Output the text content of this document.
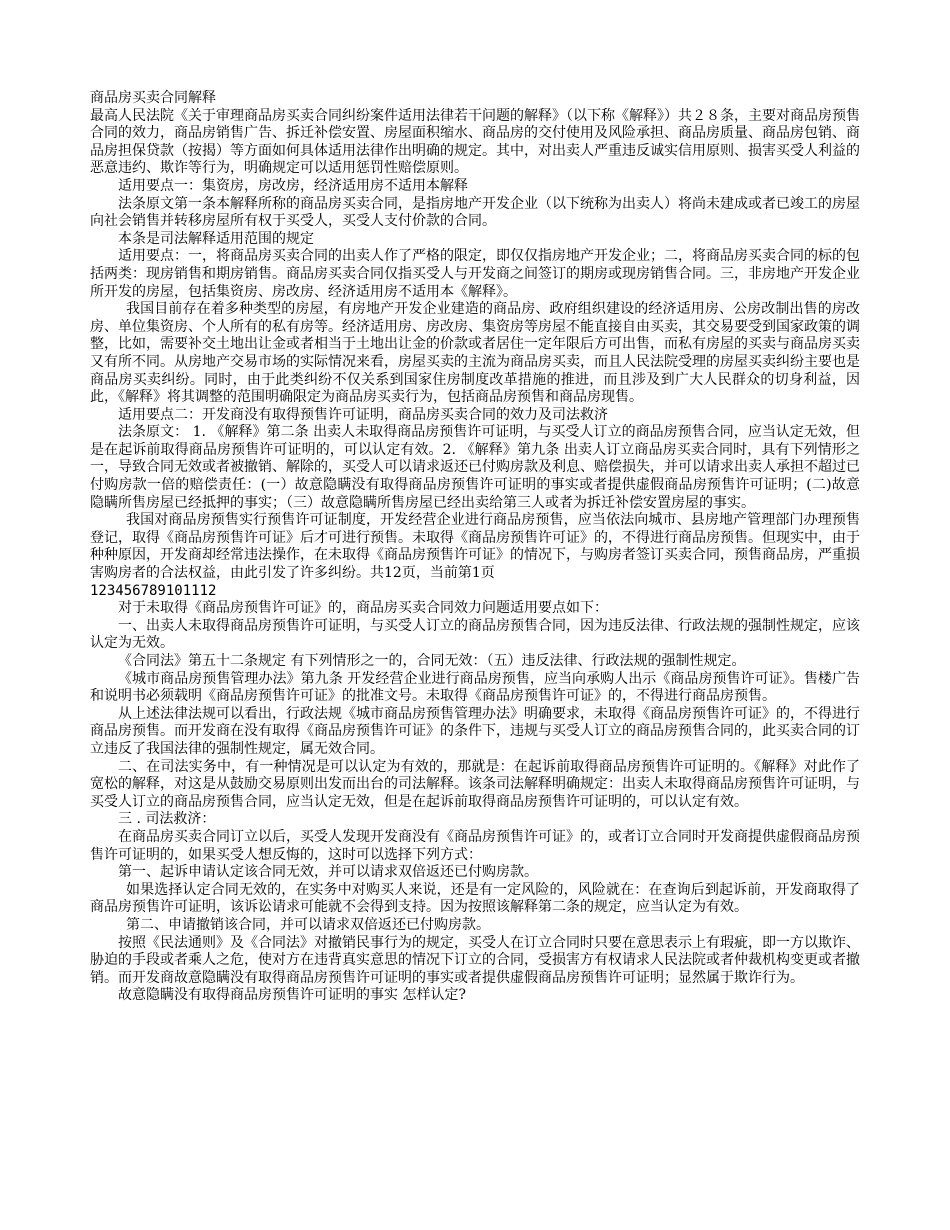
商品房买卖合同解释

最高人民法院《关于审理商品房买卖合同纠纷案件适用法律若干问题的解释》（以下称《解释》）共２８条，主要对商品房预售合同的效力，商品房销售广告、拆迁补偿安置、房屋面积缩水、商品房的交付使用及风险承担、商品房质量、商品房包销、商品房担保贷款（按揭）等方面如何具体适用法律作出明确的规定。其中，对出卖人严重违反诚实信用原则、损害买受人利益的恶意违约、欺诈等行为，明确规定可以适用惩罚性赔偿原则。

适用要点一：集资房，房改房，经济适用房不适用本解释

法条原文第一条本解释所称的商品房买卖合同，是指房地产开发企业（以下统称为出卖人）将尚未建成或者已竣工的房屋向社会销售并转移房屋所有权于买受人，买受人支付价款的合同。

本条是司法解释适用范围的规定

适用要点：一，将商品房买卖合同的出卖人作了严格的限定，即仅仅指房地产开发企业；二，将商品房买卖合同的标的包括两类：现房销售和期房销售。商品房买卖合同仅指买受人与开发商之间签订的期房或现房销售合同。三，非房地产开发企业所开发的房屋，包括集资房、房改房、经济适用房不适用本《解释》。

我国目前存在着多种类型的房屋，有房地产开发企业建造的商品房、政府组织建设的经济适用房、公房改制出售的房改房、单位集资房、个人所有的私有房等。经济适用房、房改房、集资房等房屋不能直接自由买卖，其交易要受到国家政策的调整，比如，需要补交土地出让金或者相当于土地出让金的价款或者居住一定年限后方可出售，而私有房屋的买卖与商品房买卖又有所不同。从房地产交易市场的实际情况来看，房屋买卖的主流为商品房买卖，而且人民法院受理的房屋买卖纠纷主要也是商品房买卖纠纷。同时，由于此类纠纷不仅关系到国家住房制度改革措施的推进，而且涉及到广大人民群众的切身利益，因此，《解释》将其调整的范围明确限定为商品房买卖行为，包括商品房预售和商品房现售。

适用要点二：开发商没有取得预售许可证明，商品房买卖合同的效力及司法救济

法条原文： 1. 《解释》第二条 出卖人未取得商品房预售许可证明，与买受人订立的商品房预售合同，应当认定无效，但是在起诉前取得商品房预售许可证明的，可以认定有效。2. 《解释》第九条 出卖人订立商品房买卖合同时，具有下列情形之一，导致合同无效或者被撤销、解除的，买受人可以请求返还已付购房款及利息、赔偿损失，并可以请求出卖人承担不超过已付购房款一倍的赔偿责任：(一）故意隐瞒没有取得商品房预售许可证明的事实或者提供虚假商品房预售许可证明；(二)故意隐瞒所售房屋已经抵押的事实；（三）故意隐瞒所售房屋已经出卖给第三人或者为拆迁补偿安置房屋的事实。

我国对商品房预售实行预售许可证制度，开发经营企业进行商品房预售，应当依法向城市、县房地产管理部门办理预售登记，取得《商品房预售许可证》后才可进行预售。未取得《商品房预售许可证》的，不得进行商品房预售。但现实中，由于种种原因，开发商却经常违法操作，在未取得《商品房预售许可证》的情况下，与购房者签订买卖合同，预售商品房，严重损害购房者的合法权益，由此引发了许多纠纷。共12页，当前第1页

123456789101112

对于未取得《商品房预售许可证》的，商品房买卖合同效力问题适用要点如下：

一、出卖人未取得商品房预售许可证明，与买受人订立的商品房预售合同，因为违反法律、行政法规的强制性规定，应该认定为无效。

《合同法》第五十二条规定 有下列情形之一的，合同无效：（五）违反法律、行政法规的强制性规定。

《城市商品房预售管理办法》第九条 开发经营企业进行商品房预售，应当向承购人出示《商品房预售许可证》。售楼广告和说明书必须载明《商品房预售许可证》的批准文号。未取得《商品房预售许可证》的，不得进行商品房预售。

从上述法律法规可以看出，行政法规《城市商品房预售管理办法》明确要求，未取得《商品房预售许可证》的，不得进行商品房预售。而开发商在没有取得《商品房预售许可证》的条件下，违规与买受人订立的商品房预售合同的，此买卖合同的订立违反了我国法律的强制性规定，属无效合同。

二、在司法实务中，有一种情况是可以认定为有效的，那就是：在起诉前取得商品房预售许可证明的。《解释》对此作了宽松的解释，对这是从鼓励交易原则出发而出台的司法解释。该条司法解释明确规定：出卖人未取得商品房预售许可证明，与买受人订立的商品房预售合同，应当认定无效，但是在起诉前取得商品房预售许可证明的，可以认定有效。

三 . 司法救济：

在商品房买卖合同订立以后，买受人发现开发商没有《商品房预售许可证》的，或者订立合同时开发商提供虚假商品房预售许可证明的，如果买受人想反悔的，这时可以选择下列方式：

第一、起诉申请认定该合同无效，并可以请求双倍返还已付购房款。

如果选择认定合同无效的，在实务中对购买人来说，还是有一定风险的，风险就在：在查询后到起诉前，开发商取得了商品房预售许可证明，该诉讼请求可能就不会得到支持。因为按照该解释第二条的规定，应当认定为有效。

第二、申请撤销该合同，并可以请求双倍返还已付购房款。

按照《民法通则》及《合同法》对撤销民事行为的规定，买受人在订立合同时只要在意思表示上有瑕疵，即一方以欺诈、胁迫的手段或者乘人之危，使对方在违背真实意思的情况下订立的合同，受损害方有权请求人民法院或者仲裁机构变更或者撤销。而开发商故意隐瞒没有取得商品房预售许可证明的事实或者提供虚假商品房预售许可证明；显然属于欺诈行为。

故意隐瞒没有取得商品房预售许可证明的事实 怎样认定?
